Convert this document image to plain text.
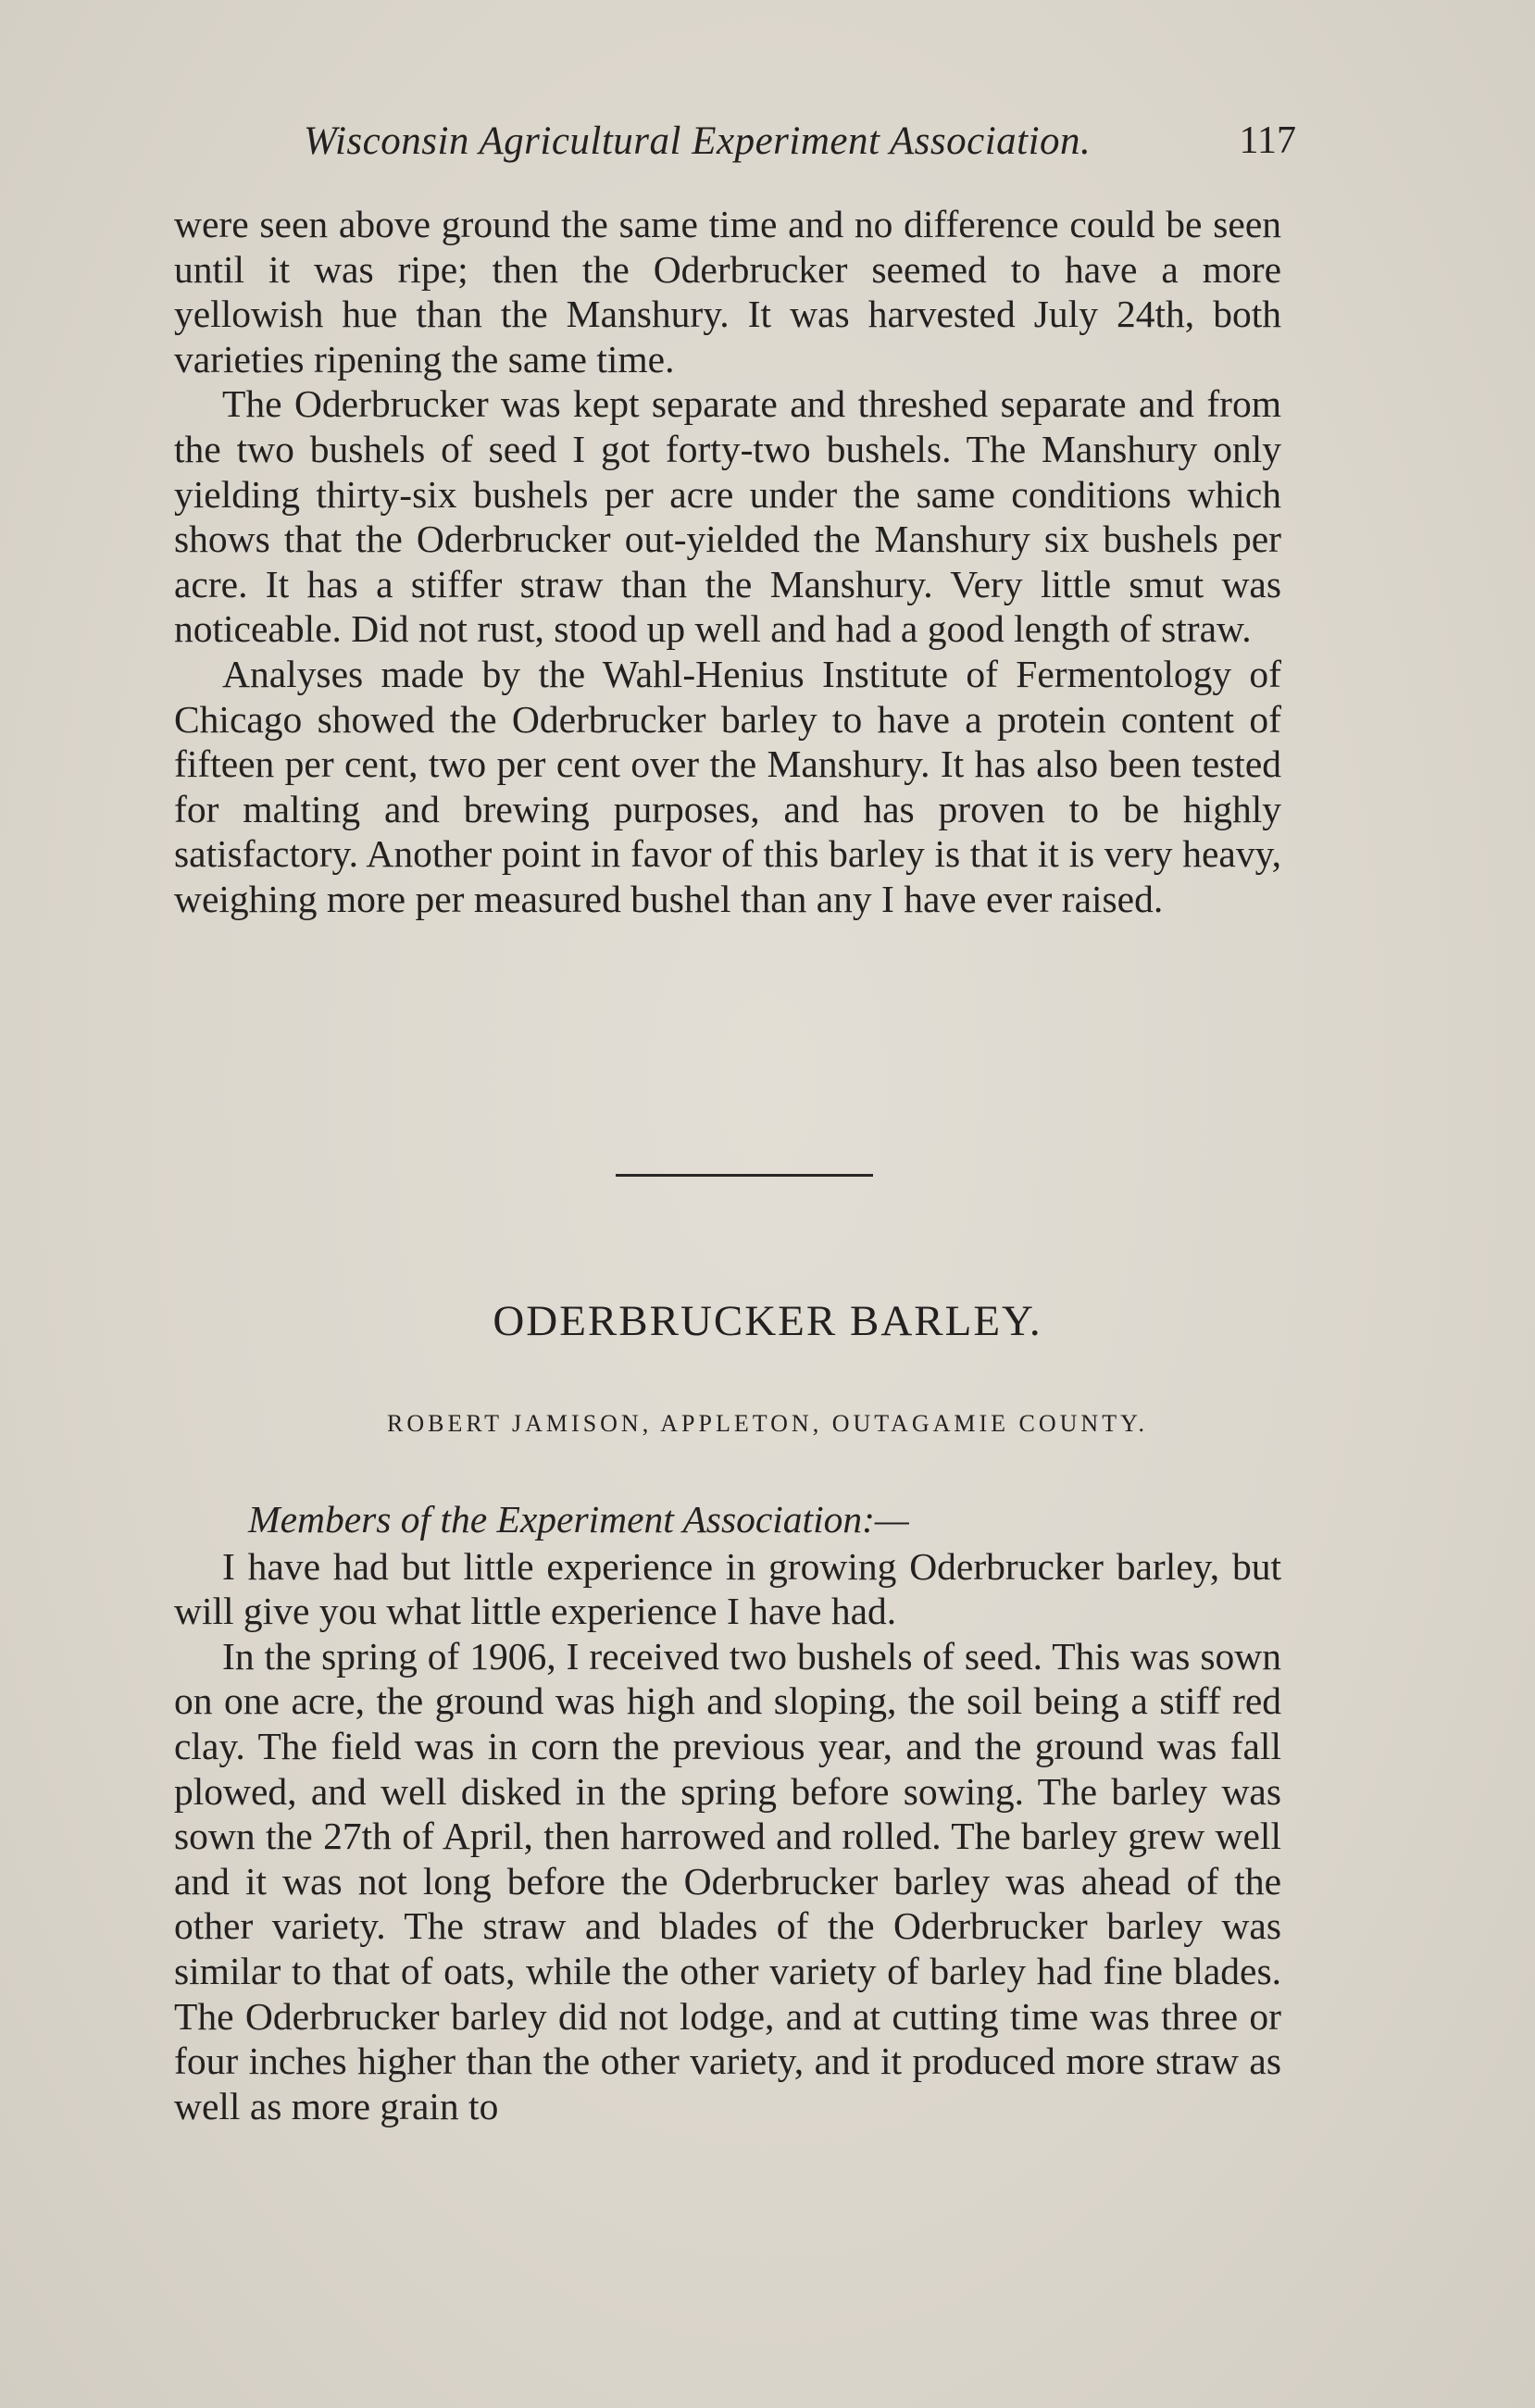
Wisconsin Agricultural Experiment Association.	117

were seen above ground the same time and no difference could be seen until it was ripe; then the Oderbrucker seemed to have a more yellowish hue than the Manshury. It was harvested July 24th, both varieties ripening the same time.

The Oderbrucker was kept separate and threshed separate and from the two bushels of seed I got forty-two bushels. The Manshury only yielding thirty-six bushels per acre under the same conditions which shows that the Oderbrucker out-yielded the Manshury six bushels per acre. It has a stiffer straw than the Manshury. Very little smut was noticeable. Did not rust, stood up well and had a good length of straw.

Analyses made by the Wahl-Henius Institute of Fermentology of Chicago showed the Oderbrucker barley to have a protein content of fifteen per cent, two per cent over the Manshury. It has also been tested for malting and brewing purposes, and has proven to be highly satisfactory. Another point in favor of this barley is that it is very heavy, weighing more per measured bushel than any I have ever raised.

ODERBRUCKER BARLEY.
ROBERT JAMISON, APPLETON, OUTAGAMIE COUNTY.

Members of the Experiment Association:—

I have had but little experience in growing Oderbrucker barley, but will give you what little experience I have had.

In the spring of 1906, I received two bushels of seed. This was sown on one acre, the ground was high and sloping, the soil being a stiff red clay. The field was in corn the previous year, and the ground was fall plowed, and well disked in the spring before sowing. The barley was sown the 27th of April, then harrowed and rolled. The barley grew well and it was not long before the Oderbrucker barley was ahead of the other variety. The straw and blades of the Oderbrucker barley was similar to that of oats, while the other variety of barley had fine blades. The Oderbrucker barley did not lodge, and at cutting time was three or four inches higher than the other variety, and it produced more straw as well as more grain to
